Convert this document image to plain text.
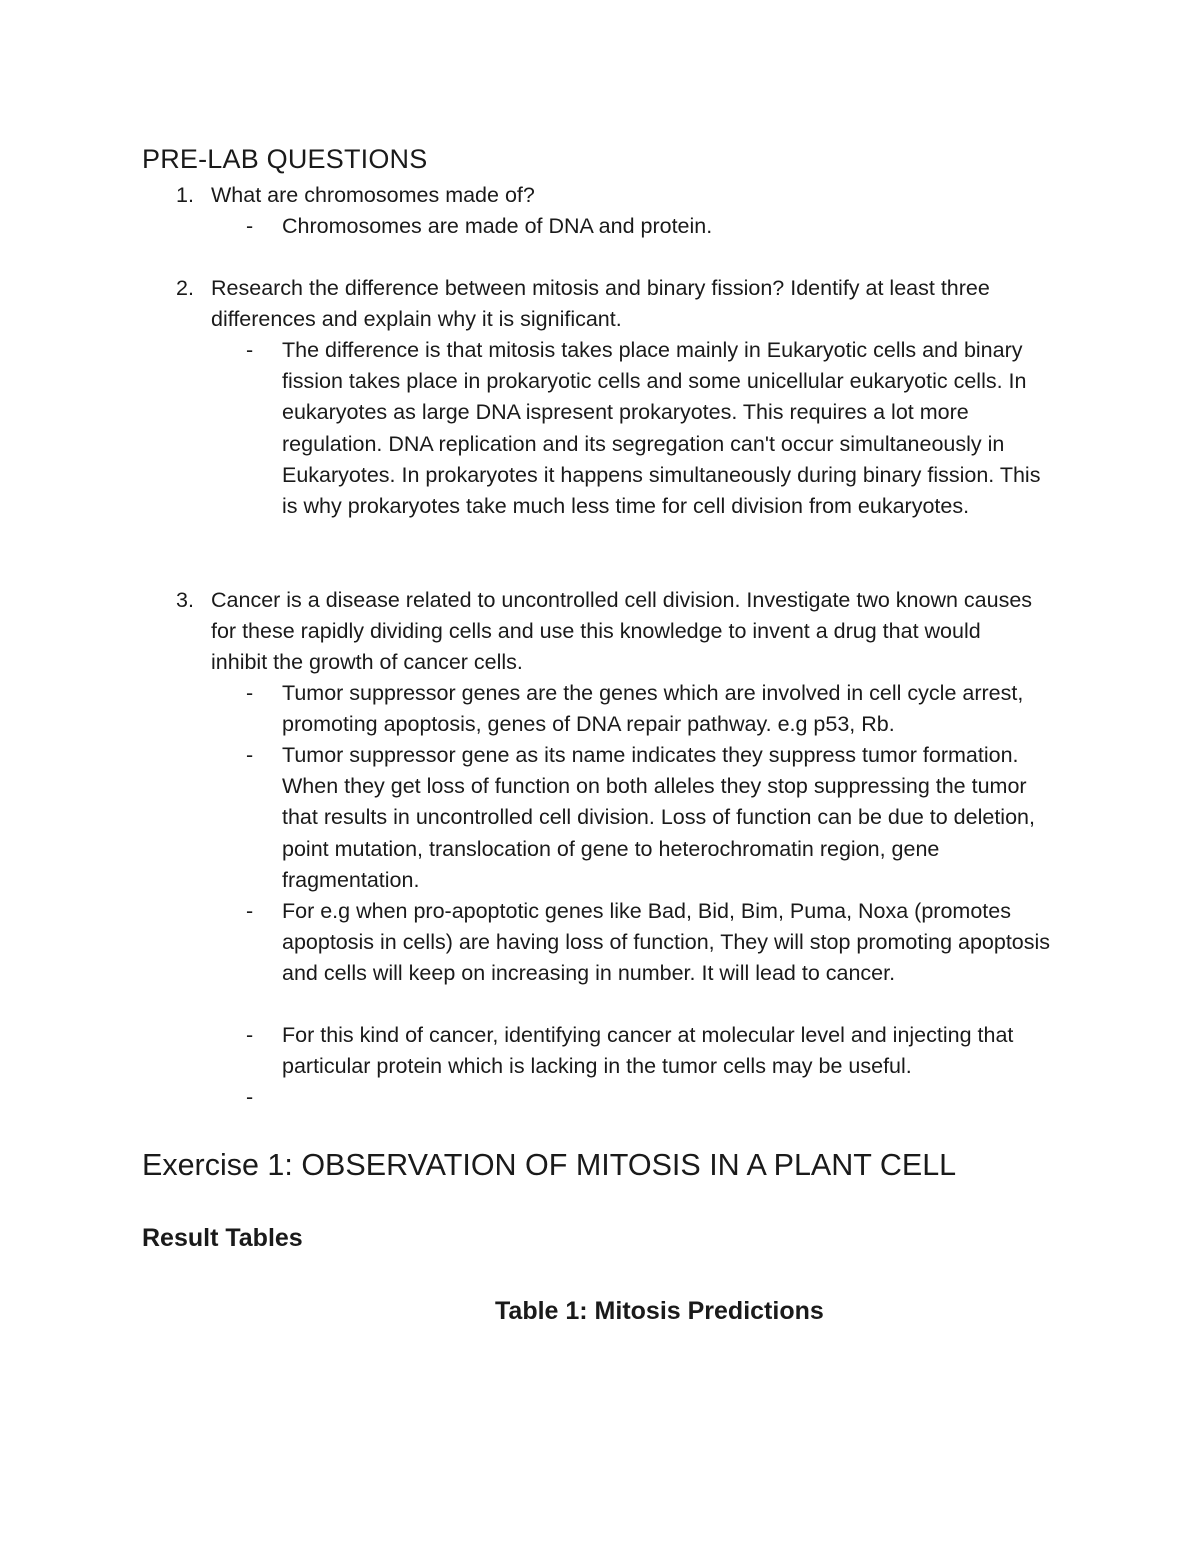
PRE-LAB QUESTIONS
1. What are chromosomes made of?
-	Chromosomes are made of DNA and protein.
2. Research the difference between mitosis and binary fission? Identify at least three differences and explain why it is significant.
-	The difference is that mitosis takes place mainly in Eukaryotic cells and binary fission takes place in prokaryotic cells and some unicellular eukaryotic cells. In eukaryotes as large DNA ispresent prokaryotes. This requires a lot more regulation. DNA replication and its segregation can't occur simultaneously in Eukaryotes. In prokaryotes it happens simultaneously during binary fission. This is why prokaryotes take much less time for cell division from eukaryotes.
3. Cancer is a disease related to uncontrolled cell division. Investigate two known causes for these rapidly dividing cells and use this knowledge to invent a drug that would inhibit the growth of cancer cells.
-	Tumor suppressor genes are the genes which are involved in cell cycle arrest, promoting apoptosis, genes of DNA repair pathway. e.g p53, Rb.
-	Tumor suppressor gene as its name indicates they suppress tumor formation. When they get loss of function on both alleles they stop suppressing the tumor that results in uncontrolled cell division. Loss of function can be due to deletion, point mutation, translocation of gene to heterochromatin region, gene fragmentation.
-	For e.g when pro-apoptotic genes like Bad, Bid, Bim, Puma, Noxa (promotes apoptosis in cells) are having loss of function, They will stop promoting apoptosis and cells will keep on increasing in number. It will lead to cancer.
-	For this kind of cancer, identifying cancer at molecular level and injecting that particular protein which is lacking in the tumor cells may be useful.
-
Exercise 1: OBSERVATION OF MITOSIS IN A PLANT CELL
Result Tables
Table 1: Mitosis Predictions
